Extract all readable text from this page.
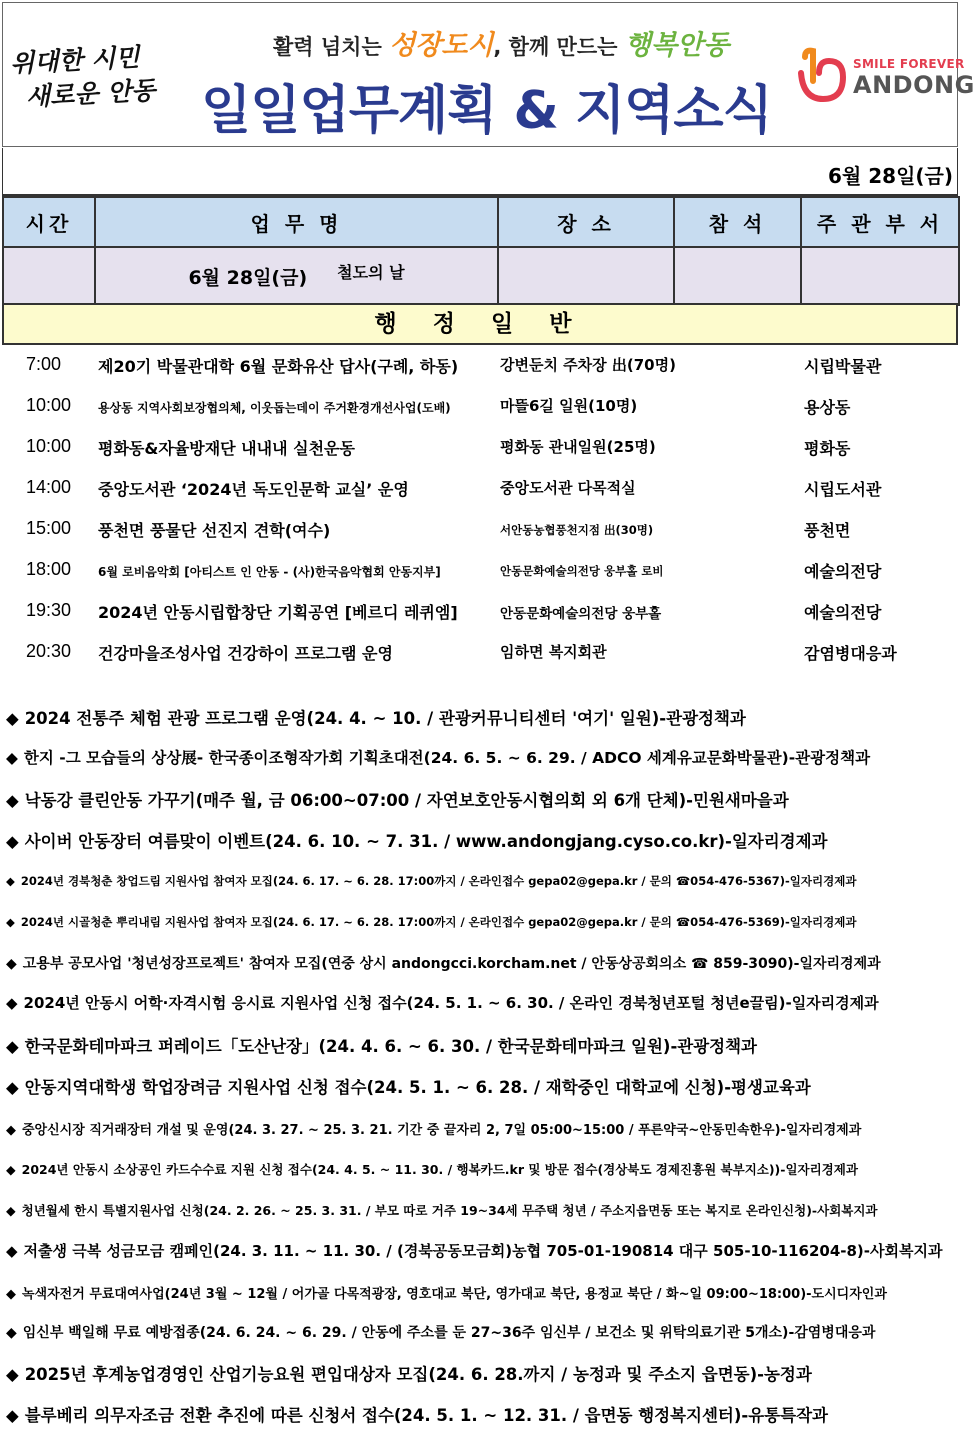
위대한 시민
새로운 안동
활력 넘치는 성장도시, 함께 만드는 행복안동
일일업무계획 & 지역소식
SMILE FOREVER
ANDONG
6월 28일(금)
시간	업 무 명	장 소	참 석	주 관 부 서
	6월 28일(금) $^{철도의 날}$			
행 정 일 반
7:00 제20기 박물관대학 6월 문화유산 답사(구례, 하동)	강변둔치 주차장 出(70명)	시립박물관
10:00 용상동 지역사회보장협의체, 이웃돕는데이 주거환경개선사업(도배)	마뜰6길 일원(10명)	용상동
10:00 평화동&자율방재단 내내내 실천운동	평화동 관내일원(25명)	평화동
14:00 중앙도서관 ‘2024년 독도인문학 교실’ 운영	중앙도서관 다목적실	시립도서관
15:00 풍천면 풍물단 선진지 견학(여수)	서안동농협풍천지점 出(30명)	풍천면
18:00 6월 로비음악회 [아티스트 인 안동 - (사)한국음악협회 안동지부]	안동문화예술의전당 웅부홀 로비	예술의전당
19:30 2024년 안동시립합창단 기획공연 [베르디 레퀴엠]	안동문화예술의전당 웅부홀	예술의전당
20:30 건강마을조성사업 건강하이 프로그램 운영	임하면 복지회관	감염병대응과
◆ 2024 전통주 체험 관광 프로그램 운영(24. 4. ~ 10. / 관광커뮤니티센터 '여기' 일원)-관광정책과
◆ 한지 -그 모습들의 상상展- 한국종이조형작가회 기획초대전(24. 6. 5. ~ 6. 29. / ADCO 세계유교문화박물관)-관광정책과
◆ 낙동강 클린안동 가꾸기(매주 월, 금 06:00~07:00 / 자연보호안동시협의회 외 6개 단체)-민원새마을과
◆ 사이버 안동장터 여름맞이 이벤트(24. 6. 10. ~ 7. 31. / www.andongjang.cyso.co.kr)-일자리경제과
◆ 2024년 경북청춘 창업드림 지원사업 참여자 모집(24. 6. 17. ~ 6. 28. 17:00까지 / 온라인접수 gepa02@gepa.kr / 문의 ☎054-476-5367)-일자리경제과
◆ 2024년 시골청춘 뿌리내림 지원사업 참여자 모집(24. 6. 17. ~ 6. 28. 17:00까지 / 온라인접수 gepa02@gepa.kr / 문의 ☎054-476-5369)-일자리경제과
◆ 고용부 공모사업 '청년성장프로젝트' 참여자 모집(연중 상시 andongcci.korcham.net / 안동상공회의소 ☎ 859-3090)-일자리경제과
◆ 2024년 안동시 어학·자격시험 응시료 지원사업 신청 접수(24. 5. 1. ~ 6. 30. / 온라인 경북청년포털 청년e끌림)-일자리경제과
◆ 한국문화테마파크 퍼레이드「도산난장」(24. 4. 6. ~ 6. 30. / 한국문화테마파크 일원)-관광정책과
◆ 안동지역대학생 학업장려금 지원사업 신청 접수(24. 5. 1. ~ 6. 28. / 재학중인 대학교에 신청)-평생교육과
◆ 중앙신시장 직거래장터 개설 및 운영(24. 3. 27. ~ 25. 3. 21. 기간 중 끝자리 2, 7일 05:00~15:00 / 푸른약국~안동민속한우)-일자리경제과
◆ 2024년 안동시 소상공인 카드수수료 지원 신청 접수(24. 4. 5. ~ 11. 30. / 행복카드.kr 및 방문 접수(경상북도 경제진흥원 북부지소))-일자리경제과
◆ 청년월세 한시 특별지원사업 신청(24. 2. 26. ~ 25. 3. 31. / 부모 따로 거주 19~34세 무주택 청년 / 주소지읍면동 또는 복지로 온라인신청)-사회복지과
◆ 저출생 극복 성금모금 캠페인(24. 3. 11. ~ 11. 30. / (경북공동모금회)농협 705-01-190814 대구 505-10-116204-8)-사회복지과
◆ 녹색자전거 무료대여사업(24년 3월 ~ 12월 / 어가골 다목적광장, 영호대교 북단, 영가대교 북단, 용정교 북단 / 화~일 09:00~18:00)-도시디자인과
◆ 임신부 백일해 무료 예방접종(24. 6. 24. ~ 6. 29. / 안동에 주소를 둔 27~36주 임신부 / 보건소 및 위탁의료기관 5개소)-감염병대응과
◆ 2025년 후계농업경영인 산업기능요원 편입대상자 모집(24. 6. 28.까지 / 농정과 및 주소지 읍면동)-농정과
◆ 블루베리 의무자조금 전환 추진에 따른 신청서 접수(24. 5. 1. ~ 12. 31. / 읍면동 행정복지센터)-유통특작과
